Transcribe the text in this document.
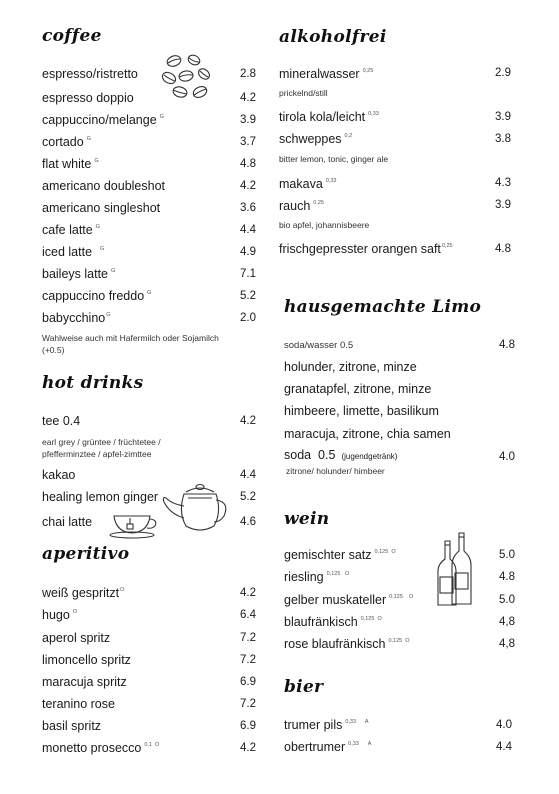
coffee
espresso/ristretto	2.8
espresso doppio	4.2
cappuccino/melange $^G$	3.9
cortado $^G$	3.7
flat white $^G$	4.8
americano doubleshot	4.2
americano singleshot	3.6
cafe latte $^G$	4.4
iced latte $^G$	4.9
baileys latte $^G$	7.1
cappuccino freddo $^G$	5.2
babycchino$^G$	2.0
Wahlweise auch mit Hafermilch oder Sojamilch (+0.5)
hot drinks
tee 0.4	4.2
earl grey / grüntee / früchtetee / pfefferminztee / apfel-zimttee
kakao	4.4
healing lemon ginger	5.2
chai latte	4.6
aperitivo
weiß gespritzt$^O$	4.2
hugo $^O$	6.4
aperol spritz	7.2
limoncello spritz	7.2
maracuja spritz	6.9
teranino rose	7.2
basil spritz	6.9
monetto prosecco $^{0,1 O}$	4.2
alkoholfrei
mineralwasser $^{0,25}$	2.9
prickelnd/still
tirola kola/leicht $^{0,33}$	3.9
schweppes $^{0,2}$	3.8
bitter lemon, tonic, ginger ale
makava $^{0,33}$	4.3
rauch $^{0,25}$	3.9
bio apfel, johannisbeere
frischgepresster orangen saft$^{0,25}$	4.8
hausgemachte Limo
soda/wasser 0.5	4.8
holunder, zitrone, minze
granatapfel, zitrone, minze
himbeere, limette, basilikum
maracuja, zitrone, chia samen
soda  0.5 (jugendgetränk)	4.0
zitrone/ holunder/ himbeer
wein
gemischter satz $^{0,125 O}$	5.0
riesling $^{0,125 O}$	4.8
gelber muskateller $^{0,125 O}$	5.0
blaufränkisch $^{0,125 O}$	4,8
rose blaufränkisch $^{0,125 O}$	4,8
bier
trumer pils $^{0,33 A}$	4.0
obertrumer $^{0,33 A}$	4.4
